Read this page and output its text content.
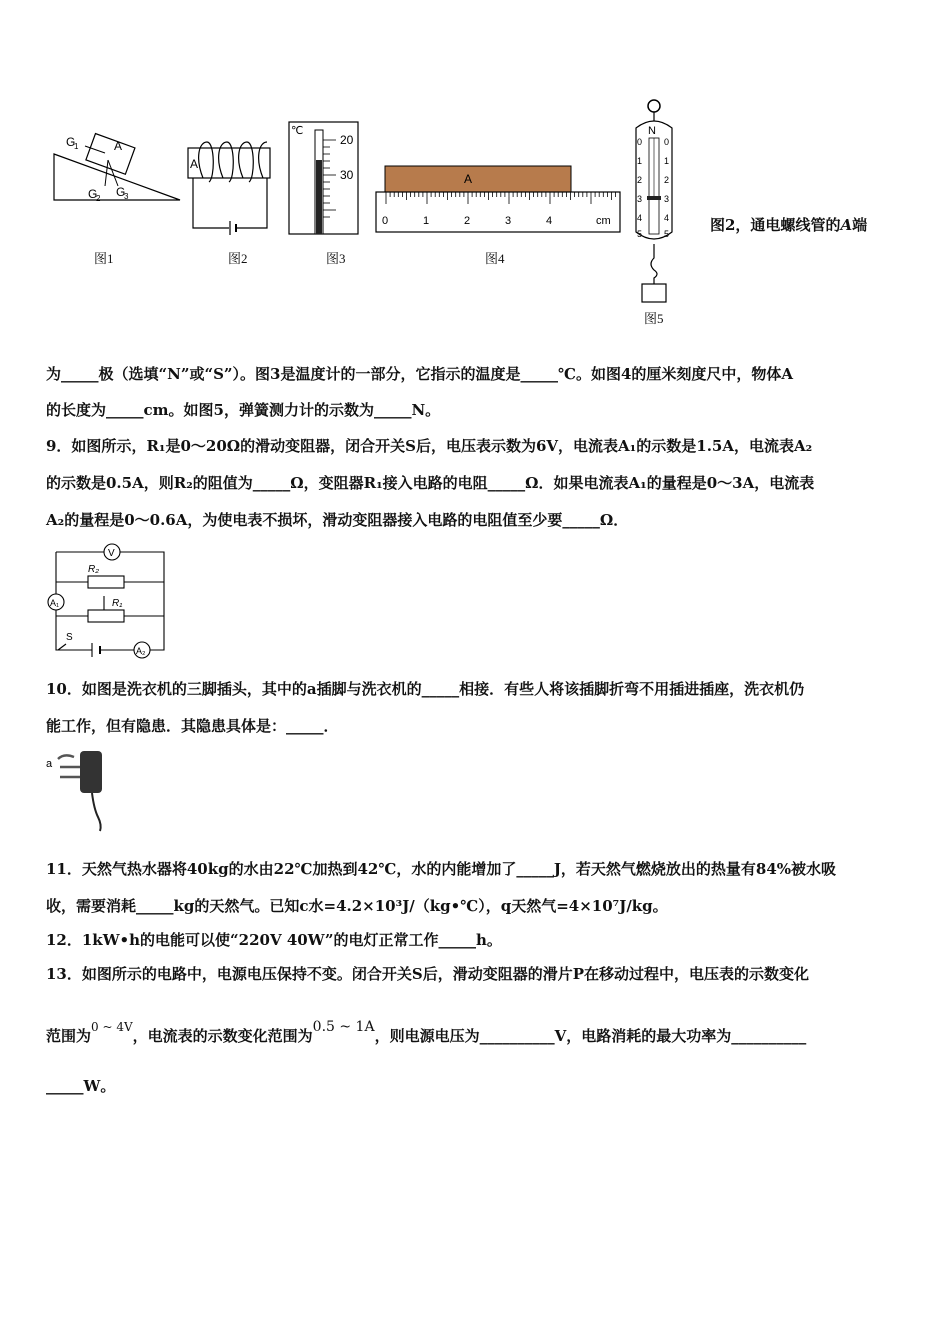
G
1	A
G
2 G
3
图1
A
图2
℃
20
30
图3
A
0	1	2	3	4	cm
图4
N
0
1
2
3
4
5
0
1
2
3
4
5
图5
图2，通电螺线管的A端
为_____极（选填“N”或“S”）。图3是温度计的一部分，它指示的温度是_____℃。如图4的厘米刻度尺中，物体A
的长度为_____cm。如图5，弹簧测力计的示数为_____N。
9．如图所示，R₁是0～20Ω的滑动变阻器，闭合开关S后，电压表示数为6V，电流表A₁的示数是1.5A，电流表A₂
的示数是0.5A，则R₂的阻值为_____Ω，变阻器R₁接入电路的电阻_____Ω．如果电流表A₁的量程是0～3A，电流表
A₂的量程是0～0.6A，为使电表不损坏，滑动变阻器接入电路的电阻值至少要_____Ω．
V
R₂
R₁
A₁
S
A₂
10．如图是洗衣机的三脚插头，其中的a插脚与洗衣机的_____相接．有些人将该插脚折弯不用插进插座，洗衣机仍
能工作，但有隐患．其隐患具体是：_____．
a
11．天然气热水器将40kg的水由22℃加热到42℃，水的内能增加了_____J，若天然气燃烧放出的热量有84%被水吸
收，需要消耗_____kg的天然气。已知c水=4.2×10³J/（kg•℃），q天然气=4×10⁷J/kg。
12．1kW•h的电能可以使“220V 40W”的电灯正常工作_____h。
13．如图所示的电路中，电源电压保持不变。闭合开关S后，滑动变阻器的滑片P在移动过程中，电压表的示数变化
范围为$^{0 \sim 4V}$，电流表的示数变化范围为0.5 ~ 1A，则电源电压为__________V，电路消耗的最大功率为__________
_____W。
